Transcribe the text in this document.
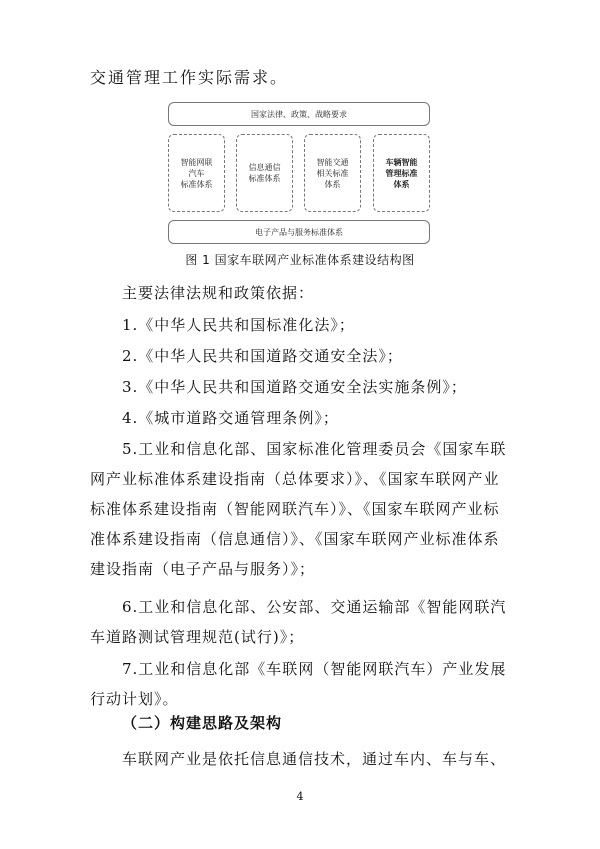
交通管理工作实际需求。
国家法律、政策、战略要求
智能网联
汽车
标准体系
信息通信
标准体系
智能交通
相关标准
体系
车辆智能
管理标准
体系
电子产品与服务标准体系
图 1 国家车联网产业标准体系建设结构图
主要法律法规和政策依据：
1.《中华人民共和国标准化法》；
2.《中华人民共和国道路交通安全法》；
3.《中华人民共和国道路交通安全法实施条例》；
4.《城市道路交通管理条例》；
5.工业和信息化部、国家标准化管理委员会《国家车联
网产业标准体系建设指南（总体要求）》、《国家车联网产业
标准体系建设指南（智能网联汽车）》、《国家车联网产业标
准体系建设指南（信息通信）》、《国家车联网产业标准体系
建设指南（电子产品与服务）》；
6.工业和信息化部、公安部、交通运输部《智能网联汽
车道路测试管理规范(试行)》；
7.工业和信息化部《车联网（智能网联汽车）产业发展
行动计划》。
（二）构建思路及架构
车联网产业是依托信息通信技术，通过车内、车与车、
4
